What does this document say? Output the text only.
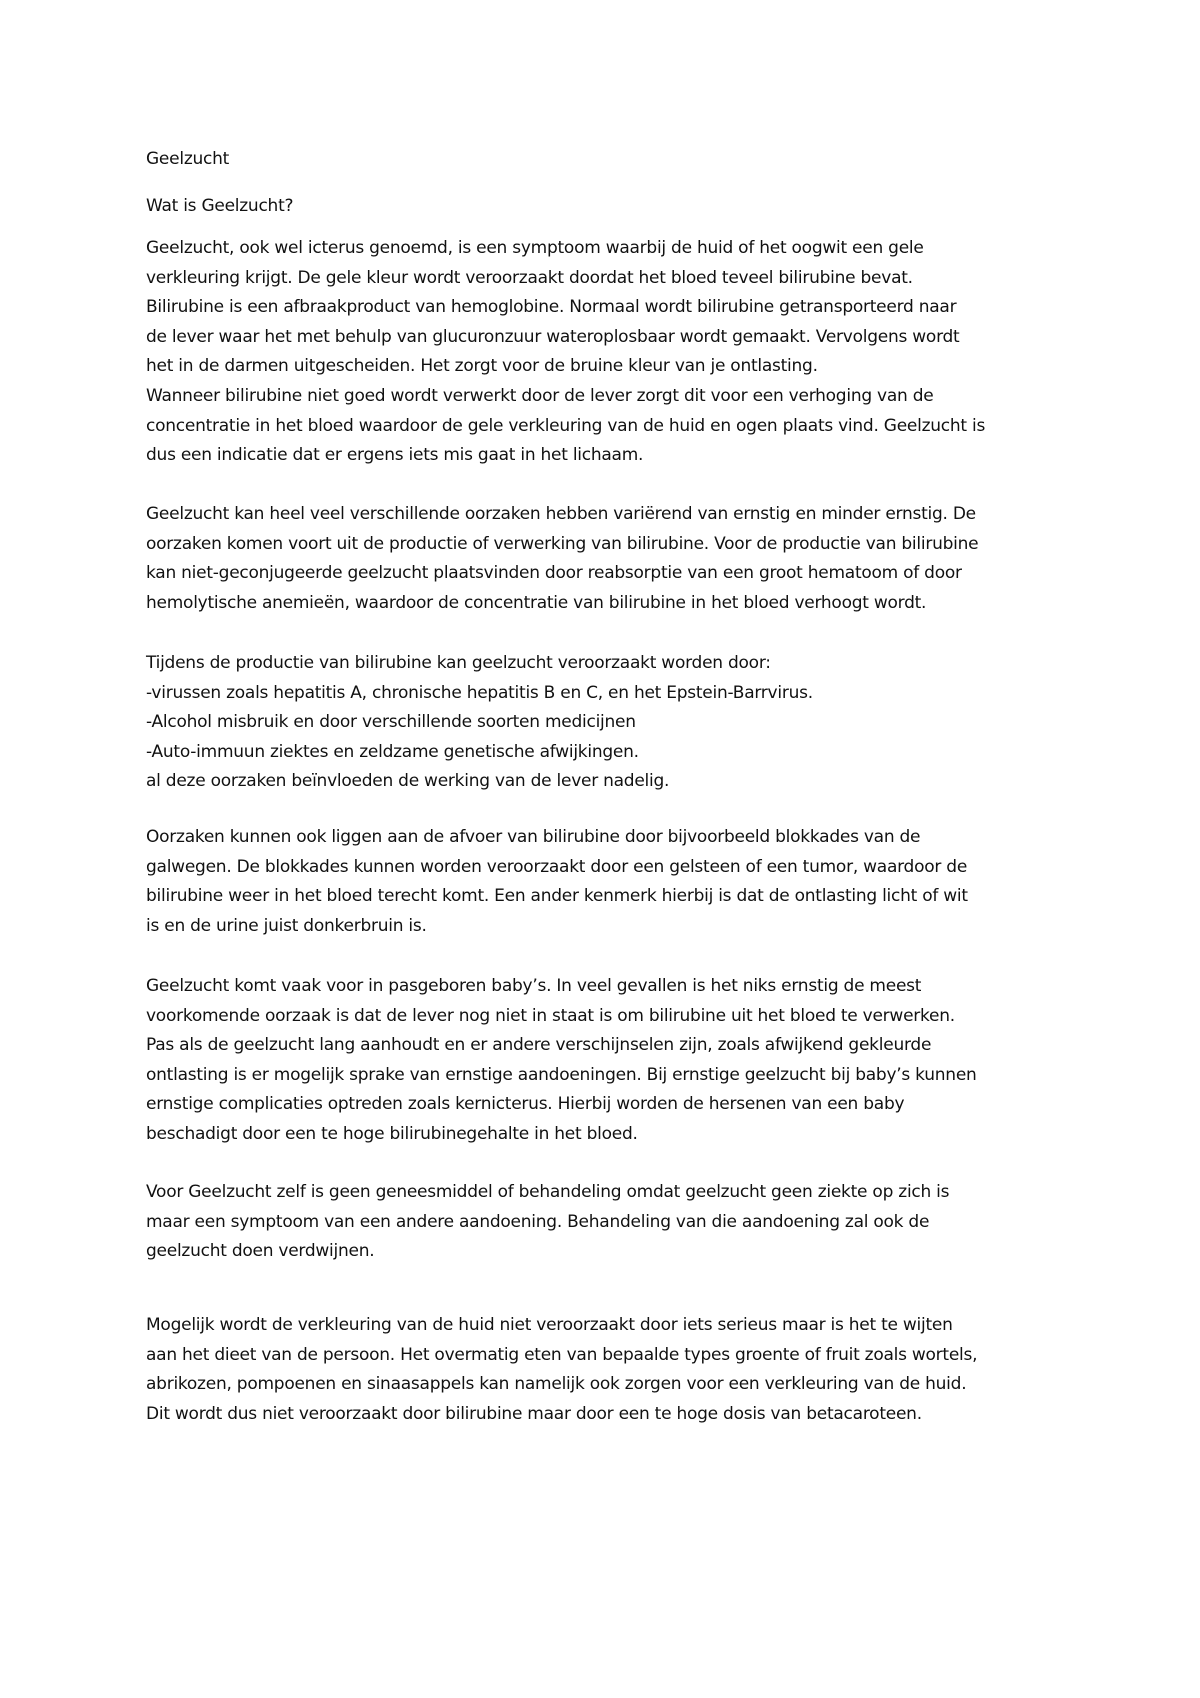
Geelzucht
Wat is Geelzucht?
Geelzucht, ook wel icterus genoemd, is een symptoom waarbij de huid of het oogwit een gele
verkleuring krijgt. De gele kleur wordt veroorzaakt doordat het bloed teveel bilirubine bevat.
Bilirubine is een afbraakproduct van hemoglobine. Normaal wordt bilirubine getransporteerd naar
de lever waar het met behulp van glucuronzuur wateroplosbaar wordt gemaakt. Vervolgens wordt
het in de darmen uitgescheiden. Het zorgt voor de bruine kleur van je ontlasting.
Wanneer bilirubine niet goed wordt verwerkt door de lever zorgt dit voor een verhoging van de
concentratie in het bloed waardoor de gele verkleuring van de huid en ogen plaats vind. Geelzucht is
dus een indicatie dat er ergens iets mis gaat in het lichaam.
Geelzucht kan heel veel verschillende oorzaken hebben variërend van ernstig en minder ernstig. De
oorzaken komen voort uit de productie of verwerking van bilirubine. Voor de productie van bilirubine
kan niet-geconjugeerde geelzucht plaatsvinden door reabsorptie van een groot hematoom of door
hemolytische anemieën, waardoor de concentratie van bilirubine in het bloed verhoogt wordt.
Tijdens de productie van bilirubine kan geelzucht veroorzaakt worden door:
-virussen zoals hepatitis A, chronische hepatitis B en C, en het Epstein-Barrvirus.
-Alcohol misbruik en door verschillende soorten medicijnen
-Auto-immuun ziektes en zeldzame genetische afwijkingen.
al deze oorzaken beïnvloeden de werking van de lever nadelig.
Oorzaken kunnen ook liggen aan de afvoer van bilirubine door bijvoorbeeld blokkades van de
galwegen. De blokkades kunnen worden veroorzaakt door een gelsteen of een tumor, waardoor de
bilirubine weer in het bloed terecht komt. Een ander kenmerk hierbij is dat de ontlasting licht of wit
is en de urine juist donkerbruin is.
Geelzucht komt vaak voor in pasgeboren baby’s. In veel gevallen is het niks ernstig de meest
voorkomende oorzaak is dat de lever nog niet in staat is om bilirubine uit het bloed te verwerken.
Pas als de geelzucht lang aanhoudt en er andere verschijnselen zijn, zoals afwijkend gekleurde
ontlasting is er mogelijk sprake van ernstige aandoeningen. Bij ernstige geelzucht bij baby’s kunnen
ernstige complicaties optreden zoals kernicterus. Hierbij worden de hersenen van een baby
beschadigt door een te hoge bilirubinegehalte in het bloed.
Voor Geelzucht zelf is geen geneesmiddel of behandeling omdat geelzucht geen ziekte op zich is
maar een symptoom van een andere aandoening. Behandeling van die aandoening zal ook de
geelzucht doen verdwijnen.
Mogelijk wordt de verkleuring van de huid niet veroorzaakt door iets serieus maar is het te wijten
aan het dieet van de persoon. Het overmatig eten van bepaalde types groente of fruit zoals wortels,
abrikozen, pompoenen en sinaasappels kan namelijk ook zorgen voor een verkleuring van de huid.
Dit wordt dus niet veroorzaakt door bilirubine maar door een te hoge dosis van betacaroteen.
